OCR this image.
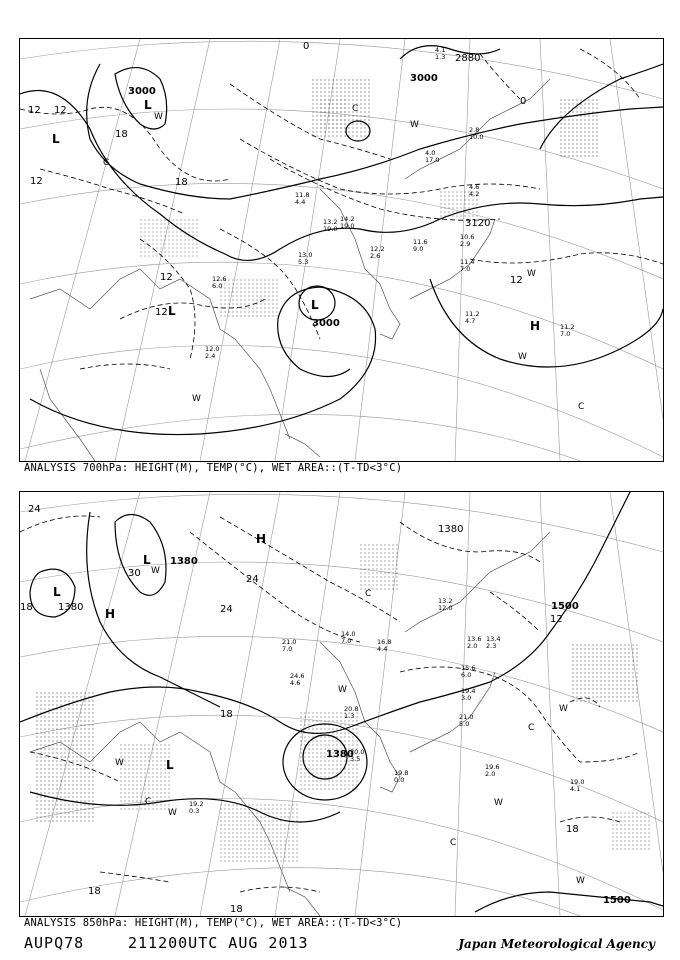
3000
3000
3000
2880
3120
12 12
12
12
12
18
18
12
0
0
L
L
L	L
H
C
C
C
W
W
W
W
W
11.8
4.4
13.2
19.0
14.2
19.0
12.2
2.6
11.6
9.0
10.6
2.9
11.4
7.0
11.2
4.7
11.2
7.0
12.0
2.4
12.6
6.0
13.0
5.3
4.0
17.0
4.6
4.2
2.8
10.0
4.1
1.3
ANALYSIS 700hPa: HEIGHT(M), TEMP(°C), WET AREA::(T-TD<3°C)
1380
1380
1380
1380
1500
1500
24
24
24
30
18
18
18
18
12
18
L
L
L
H
H
C
C
C
C
W
W
W
W
W
W
W
13.2
12.0
13.6
2.0
13.4
2.3
15.6
6.0
19.4
3.0
21.0
5.0
20.0
3.5
19.8
0.0
19.6
2.0
19.0
4.1
21.0
7.0
14.0
7.0	16.8
4.4
24.6
4.6
20.8
1.3
19.2
0.3
ANALYSIS 850hPa: HEIGHT(M), TEMP(°C), WET AREA::(T-TD<3°C)
AUPQ78	211200UTC AUG 2013	Japan Meteorological Agency
